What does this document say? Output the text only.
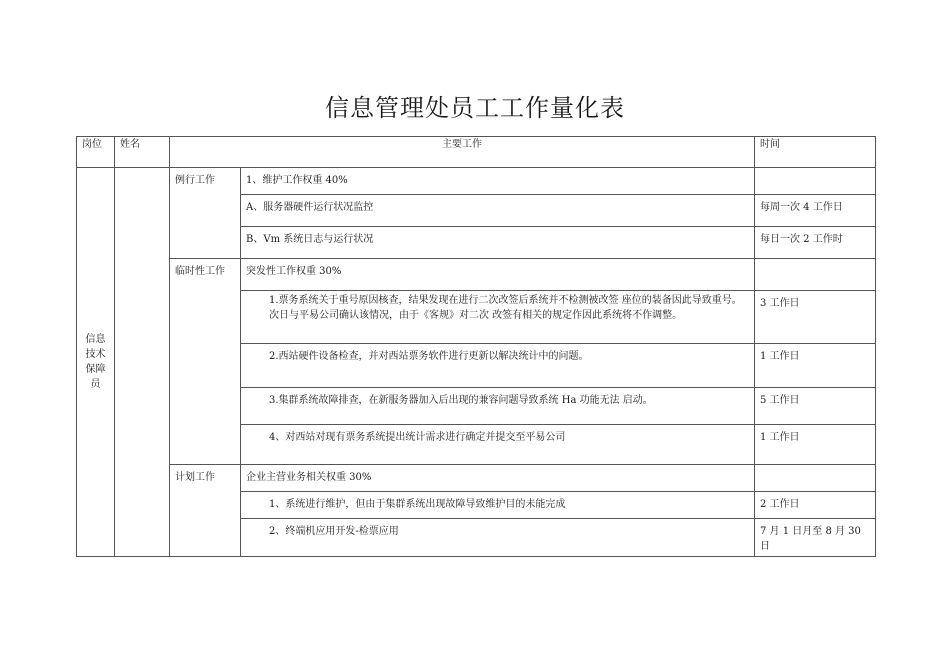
信息管理处员工工作量化表
岗位	姓名	主要工作		时间

信息
技术
保障
员		例行工作	1、维护工作权重 40%	
			A、服务器硬件运行状况监控	每周一次 4 工作日
			B、Vm 系统日志与运行状况	每日一次 2 工作时
		临时性工作	突发性工作权重 30%	

			1.票务系统关于重号原因核查，结果发现在进行二次改签后系统并不检测被改签 座位的装备因此导致重号。次日与平易公司确认该情况，由于《客规》对二次 改签有相关的规定作因此系统将不作调整。	3 工作日
			2.西站硬件设备检查，并对西站票务软件进行更新以解决统计中的问题。	1 工作日
			3.集群系统故障排查，在新服务器加入后出现的兼容问题导致系统 Ha 功能无法 启动。	5 工作日
			4、对西站对现有票务系统提出统计需求进行确定并提交至平易公司	1 工作日
		计划工作	企业主营业务相关权重 30%	
			1、系统进行维护，但由于集群系统出现故障导致维护目的未能完成	2 工作日
			2、终端机应用开发-检票应用	7 月 1 日月至 8 月 30 日
